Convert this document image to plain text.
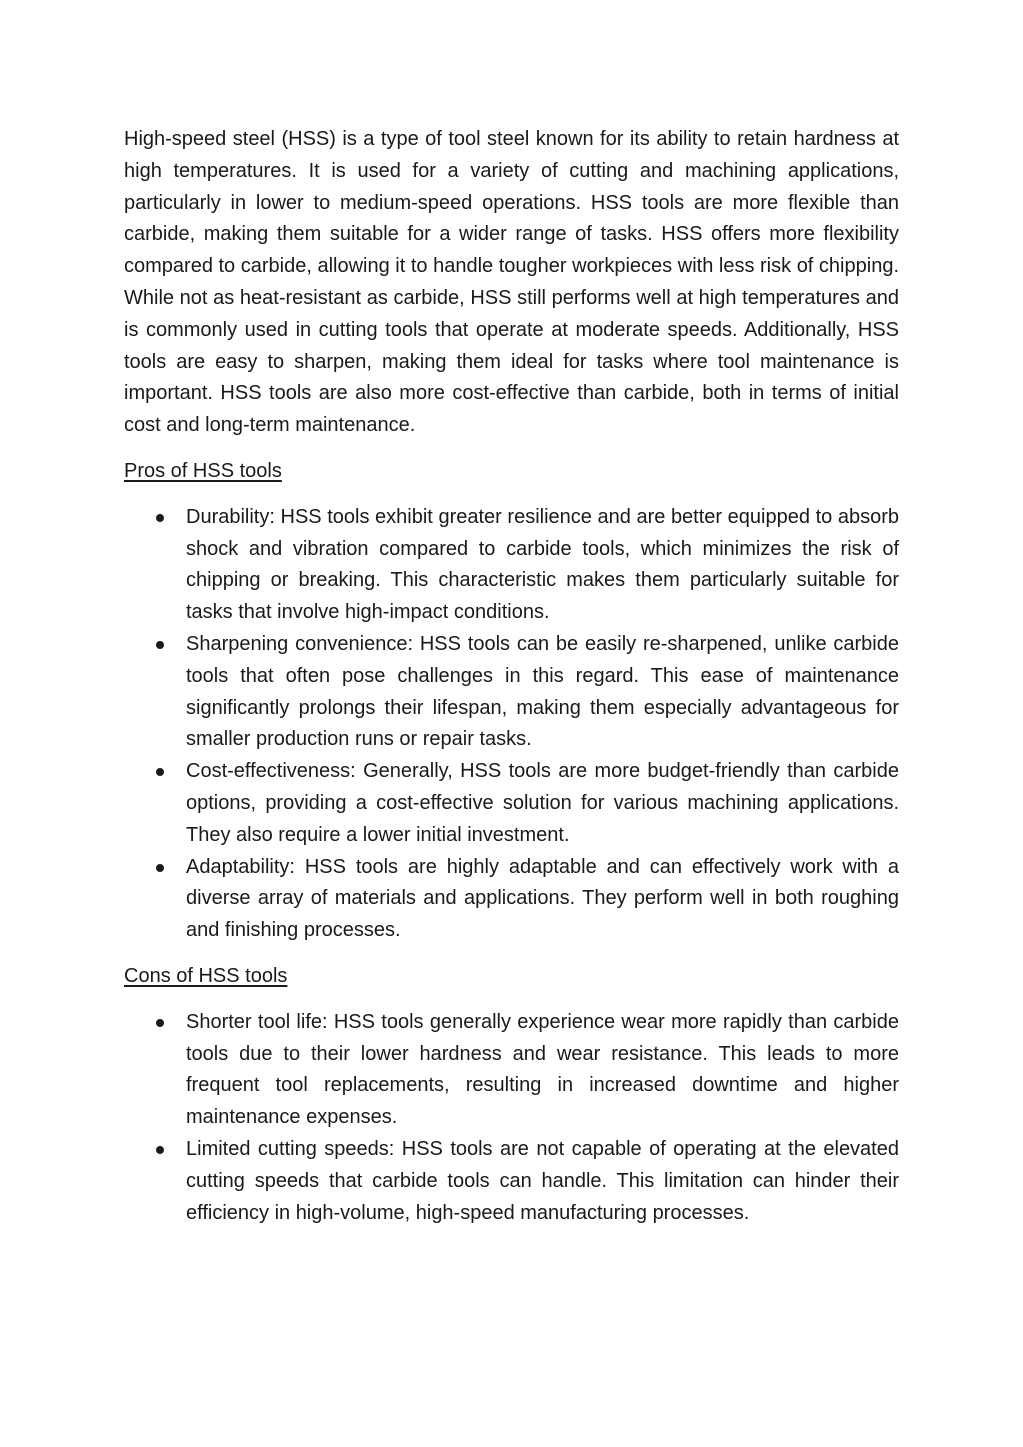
High-speed steel (HSS) is a type of tool steel known for its ability to retain hardness at high temperatures. It is used for a variety of cutting and machining applications, particularly in lower to medium-speed operations. HSS tools are more flexible than carbide, making them suitable for a wider range of tasks. HSS offers more flexibility compared to carbide, allowing it to handle tougher workpieces with less risk of chipping. While not as heat-resistant as carbide, HSS still performs well at high temperatures and is commonly used in cutting tools that operate at moderate speeds. Additionally, HSS tools are easy to sharpen, making them ideal for tasks where tool maintenance is important. HSS tools are also more cost-effective than carbide, both in terms of initial cost and long-term maintenance.

Pros of HSS tools

Durability: HSS tools exhibit greater resilience and are better equipped to absorb shock and vibration compared to carbide tools, which minimizes the risk of chipping or breaking. This characteristic makes them particularly suitable for tasks that involve high-impact conditions.
Sharpening convenience: HSS tools can be easily re-sharpened, unlike carbide tools that often pose challenges in this regard. This ease of maintenance significantly prolongs their lifespan, making them especially advantageous for smaller production runs or repair tasks.
Cost-effectiveness: Generally, HSS tools are more budget-friendly than carbide options, providing a cost-effective solution for various machining applications. They also require a lower initial investment.
Adaptability: HSS tools are highly adaptable and can effectively work with a diverse array of materials and applications. They perform well in both roughing and finishing processes.

Cons of HSS tools

Shorter tool life: HSS tools generally experience wear more rapidly than carbide tools due to their lower hardness and wear resistance. This leads to more frequent tool replacements, resulting in increased downtime and higher maintenance expenses.
Limited cutting speeds: HSS tools are not capable of operating at the elevated cutting speeds that carbide tools can handle. This limitation can hinder their efficiency in high-volume, high-speed manufacturing processes.
